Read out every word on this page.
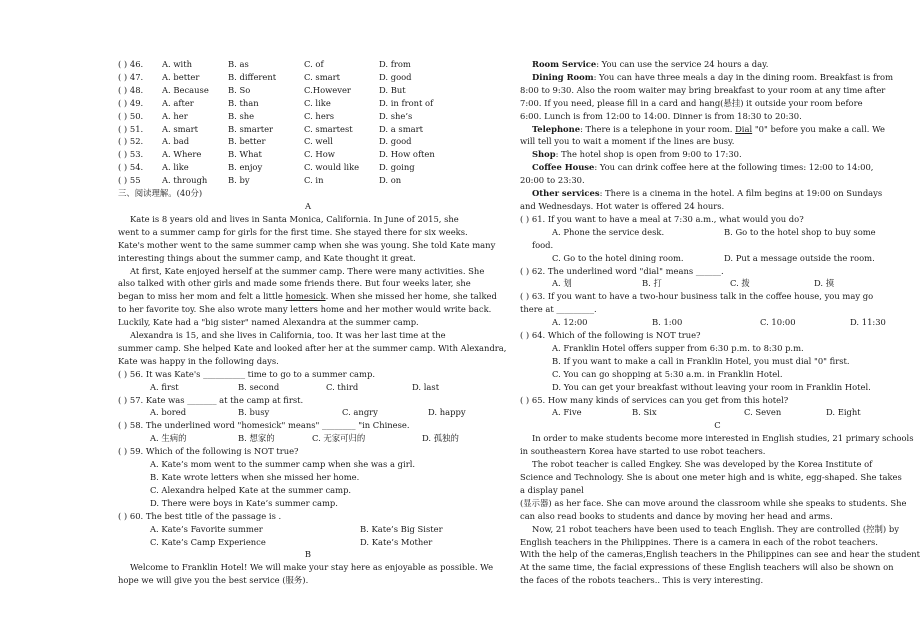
( ) 46.	A. with	B. as	C. of	D. from
( ) 47.	A. better	B. different	C. smart	D. good
( ) 48.	A. Because	B. So	C.However	D. But
( ) 49.	A. after	B. than	C. like	D. in front of
( ) 50.	A. her	B. she	C. hers	D. she’s
( ) 51.	A. smart	B. smarter	C. smartest	D. a smart
( ) 52.	A. bad	B. better	C. well	D. good
( ) 53.	A. Where	B. What	C. How	D. How often
( ) 54.	A. like	B. enjoy	C. would like	D. going
( ) 55	A. through	B. by	C. in	D. on
三、阅读理解。(40分)
A
Kate is 8 years old and lives in Santa Monica, California. In June of 2015, she
went to a summer camp for girls for the first time. She stayed there for six weeks.
Kate's mother went to the same summer camp when she was young. She told Kate many
interesting things about the summer camp, and Kate thought it great.
At first, Kate enjoyed herself at the summer camp. There were many activities. She
also talked with other girls and made some friends there. But four weeks later, she
began to miss her mom and felt a little homesick. When she missed her home, she talked
to her favorite toy. She also wrote many letters home and her mother would write back.
Luckily, Kate had a "big sister" named Alexandra at the summer camp.
Alexandra is 15, and she lives in California, too. It was her last time at the
summer camp. She helped Kate and looked after her at the summer camp. With Alexandra,
Kate was happy in the following days.
( ) 56. It was Kate's __________ time to go to a summer camp.
A. first	B. second	C. third	D. last
( ) 57. Kate was _______ at the camp at first.
A. bored	B. busy	C. angry	D. happy
( ) 58. The underlined word "homesick" means" ________ "in Chinese.
A. 生病的	B. 想家的	C. 无家可归的	D. 孤独的
( ) 59. Which of the following is NOT true?
A. Kate’s mom went to the summer camp when she was a girl.
B. Kate wrote letters when she missed her home.
C. Alexandra helped Kate at the summer camp.
D. There were boys in Kate’s summer camp.
( ) 60. The best title of the passage is .
A. Kate’s Favorite summer	B. Kate’s Big Sister
C. Kate’s Camp Experience	D. Kate’s Mother
B
Welcome to Franklin Hotel! We will make your stay here as enjoyable as possible. We
hope we will give you the best service (服务).
Room Service: You can use the service 24 hours a day.
Dining Room: You can have three meals a day in the dining room. Breakfast is from
8:00 to 9:30. Also the room waiter may bring breakfast to your room at any time after
7:00. If you need, please fill in a card and hang(悬挂) it outside your room before
6:00. Lunch is from 12:00 to 14:00. Dinner is from 18:30 to 20:30.
Telephone: There is a telephone in your room. Dial "0" before you make a call. We
will tell you to wait a moment if the lines are busy.
Shop: The hotel shop is open from 9:00 to 17:30.
Coffee House: You can drink coffee here at the following times: 12:00 to 14:00,
20:00 to 23:30.
Other services: There is a cinema in the hotel. A film begins at 19:00 on Sundays
and Wednesdays. Hot water is offered 24 hours.
( ) 61. If you want to have a meal at 7:30 a.m., what would you do?
A. Phone the service desk.	B. Go to the hotel shop to buy some
food.
C. Go to the hotel dining room.	D. Put a message outside the room.
( ) 62. The underlined word "dial" means ______.
A. 划	B. 打	C. 拨	D. 摸
( ) 63. If you want to have a two-hour business talk in the coffee house, you may go
there at _________.
A. 12:00	B. 1:00	C. 10:00	D. 11:30
( ) 64. Which of the following is NOT true?
A. Franklin Hotel offers supper from 6:30 p.m. to 8:30 p.m.
B. If you want to make a call in Franklin Hotel, you must dial "0" first.
C. You can go shopping at 5:30 a.m. in Franklin Hotel.
D. You can get your breakfast without leaving your room in Franklin Hotel.
( ) 65. How many kinds of services can you get from this hotel?
A. Five	B. Six	C. Seven	D. Eight
C
In order to make students become more interested in English studies, 21 primary schools
in southeastern Korea have started to use robot teachers.
The robot teacher is called Engkey. She was developed by the Korea Institute of
Science and Technology. She is about one meter high and is white, egg-shaped. She takes
a display panel
(显示器) as her face. She can move around the classroom while she speaks to students. She
can also read books to students and dance by moving her head and arms.
Now, 21 robot teachers have been used to teach English. They are controlled (控制) by
English teachers in the Philippines. There is a camera in each of the robot teachers.
With the help of the cameras,English teachers in the Philippines can see and hear the student
At the same time, the facial expressions of these English teachers will also be shown on
the faces of the robots teachers.. This is very interesting.
